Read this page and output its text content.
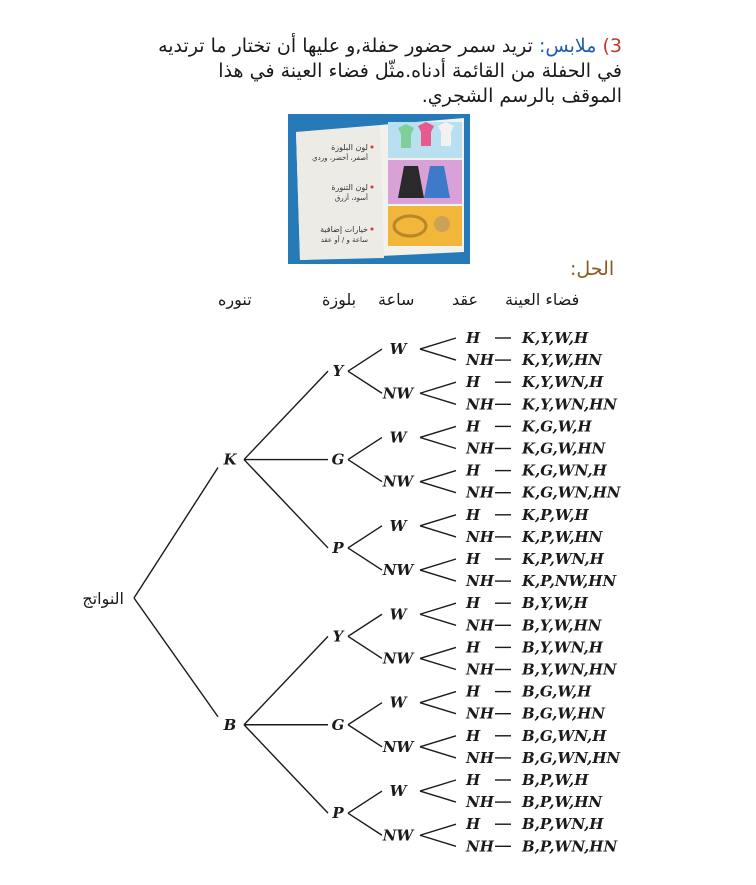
3) ملابس: تريد سمر حضور حفلة,و عليها أن تختار ما ترتديه في الحفلة من القائمة أدناه.مثّل فضاء العينة في هذا الموقف بالرسم الشجري.
لون البلوزة
أصفر، أخضر، وردي
لون التنورة
أسود، أزرق
خيارات إضافية
ساعة و / أو عقد
الحل:
فضاء العينة
عقد
ساعة
بلوزة
تنوره
النواتج
K
Y
W
H	K,Y,W,H
NH K,Y,W,HN
NW
H	K,Y,WN,H
NH K,Y,WN,HN
G
W
H	K,G,W,H
NH K,G,W,HN
NW
H	K,G,WN,H
NH K,G,WN,HN
P
W
H	K,P,W,H
NH K,P,W,HN
NW
H	K,P,WN,H
NH K,P,NW,HN
B
Y
W
H	B,Y,W,H
NH B,Y,W,HN
NW
H	B,Y,WN,H
NH B,Y,WN,HN
G
W
H	B,G,W,H
NH B,G,W,HN
NW
H	B,G,WN,H
NH B,G,WN,HN
P
W
H	B,P,W,H
NH B,P,W,HN
NW
H	B,P,WN,H
NH B,P,WN,HN
